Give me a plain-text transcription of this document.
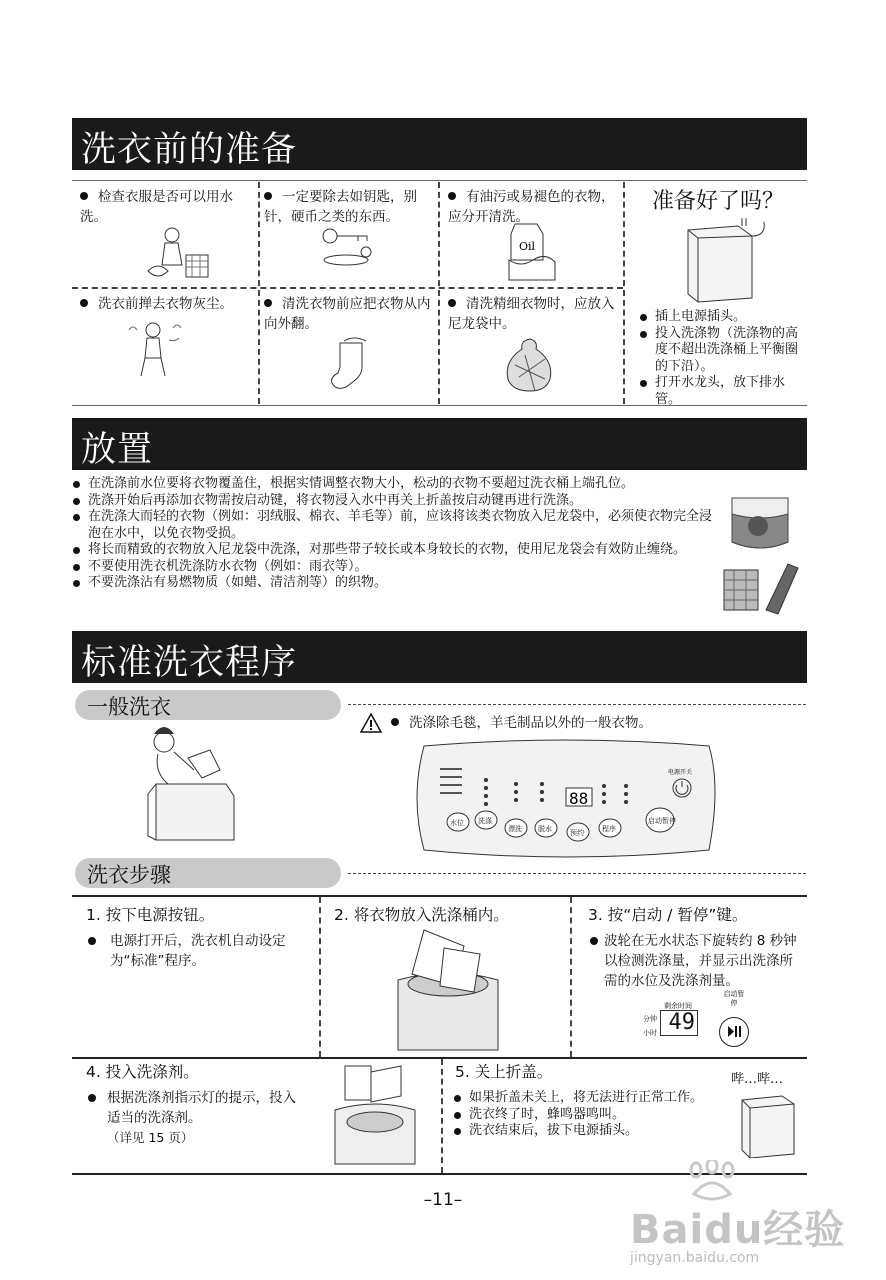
洗衣前的准备
检查衣服是否可以用水洗。
一定要除去如钥匙，别针，硬币之类的东西。
有油污或易褪色的衣物，应分开清洗。
Oil
洗衣前掸去衣物灰尘。	清洗衣物前应把衣物从内向外翻。
清洗精细衣物时，应放入尼龙袋中。
准备好了吗？
插上电源插头。
投入洗涤物（洗涤物的高度不超出洗涤桶上平衡圈的下沿）。
打开水龙头，放下排水管。
放置
在洗涤前水位要将衣物覆盖住，根据实情调整衣物大小，松动的衣物不要超过洗衣桶上端孔位。
洗涤开始后再添加衣物需按启动键，将衣物浸入水中再关上折盖按启动键再进行洗涤。
在洗涤大而轻的衣物（例如：羽绒服、棉衣、羊毛等）前，应该将该类衣物放入尼龙袋中，必须使衣物完全浸泡在水中，以免衣物受损。
将长而精致的衣物放入尼龙袋中洗涤，对那些带子较长或本身较长的衣物，使用尼龙袋会有效防止缠绕。
不要使用洗衣机洗涤防水衣物（例如：雨衣等）。
不要洗涤沾有易燃物质（如蜡、清洁剂等）的织物。
标准洗衣程序
一般洗衣
洗涤除毛毯，羊毛制品以外的一般衣物。
88
电源开关
水位 洗涤
漂洗 脱水	预约	程序
启动暂停
洗衣步骤
1. 按下电源按钮。
电源打开后，洗衣机自动设定为“标准”程序。
2. 将衣物放入洗涤桶内。	3. 按“启动 / 暂停”键。
波轮在无水状态下旋转约 8 秒钟以检测洗涤量，并显示出洗涤所需的水位及洗涤剂量。
剩余时间
分钟
小时 49
启动暂停
4. 投入洗涤剂。
根据洗涤剂指示灯的提示，投入适当的洗涤剂。
（详见 15 页）
5. 关上折盖。
如果折盖未关上，将无法进行正常工作。
洗衣终了时，蜂鸣器鸣叫。
洗衣结束后，拔下电源插头。
哔…哔…
–11–
Baidu经验
jingyan.baidu.com
